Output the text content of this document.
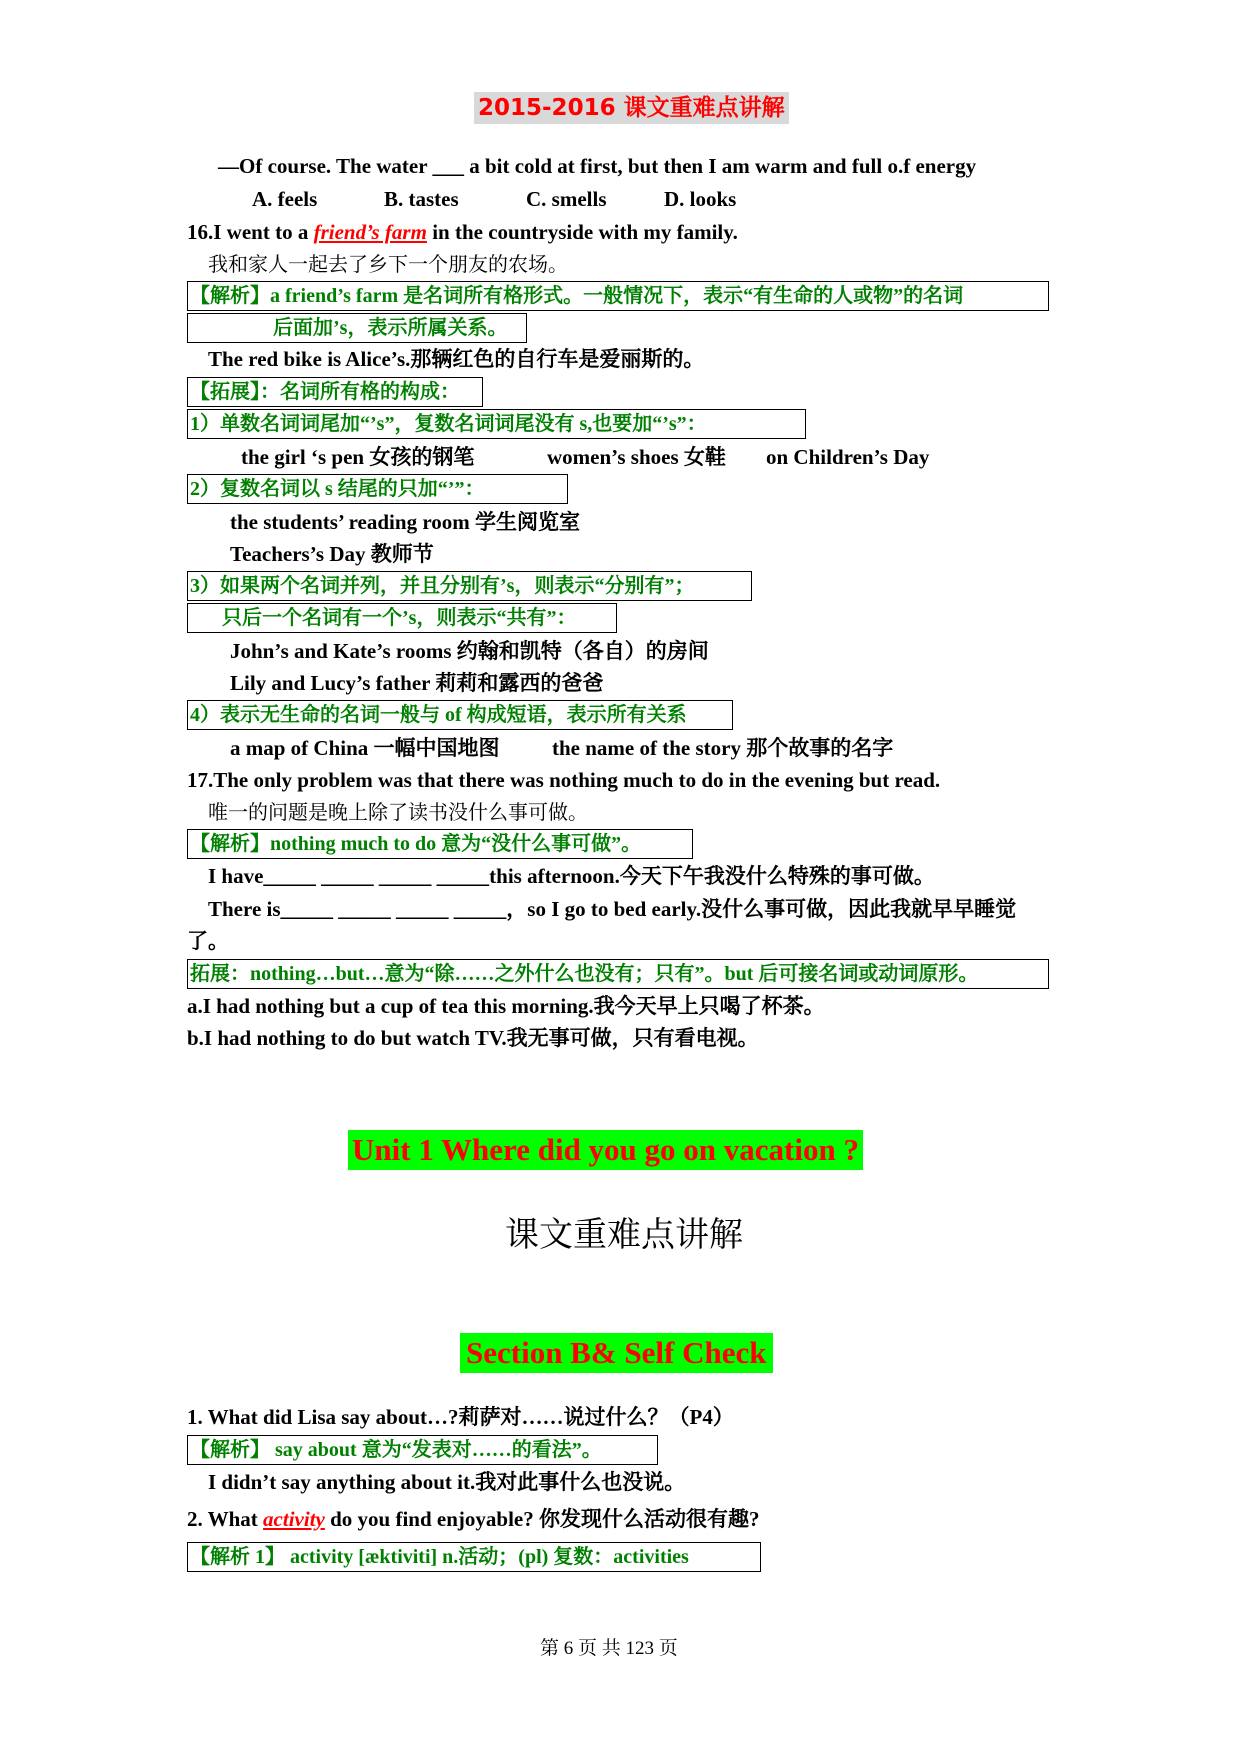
2015-2016 课文重难点讲解
—Of course. The water ___ a bit cold at first, but then I am warm and full o.f energy
A. feels	B. tastes	C. smells	D. looks
16.I went to a friend’s farm in the countryside with my family.
我和家人一起去了乡下一个朋友的农场。
【解析】a friend’s farm 是名词所有格形式。一般情况下，表示“有生命的人或物”的名词
后面加’s，表示所属关系。
The red bike is Alice’s.那辆红色的自行车是爱丽斯的。
【拓展】：名词所有格的构成：
1）单数名词词尾加“’s”，复数名词词尾没有 s,也要加“’s”：
the girl ‘s pen 女孩的钢笔	women’s shoes 女鞋 on Children’s Day
2）复数名词以 s 结尾的只加“’”：
the students’ reading room 学生阅览室
Teachers’s Day 教师节
3）如果两个名词并列，并且分别有’s，则表示“分别有”；
只后一个名词有一个’s，则表示“共有”：
John’s and Kate’s rooms 约翰和凯特（各自）的房间
Lily and Lucy’s father 莉莉和露西的爸爸
4）表示无生命的名词一般与 of 构成短语，表示所有关系
a map of China 一幅中国地图 the name of the story 那个故事的名字
17.The only problem was that there was nothing much to do in the evening but read.
唯一的问题是晚上除了读书没什么事可做。
【解析】nothing much to do 意为“没什么事可做”。
I have_____ _____ _____ _____this afternoon.今天下午我没什么特殊的事可做。
There is_____ _____ _____ _____，so I go to bed early.没什么事可做，因此我就早早睡觉
了。
拓展：nothing…but…意为“除……之外什么也没有；只有”。but 后可接名词或动词原形。
a.I had nothing but a cup of tea this morning.我今天早上只喝了杯茶。
b.I had nothing to do but watch TV.我无事可做，只有看电视。
Unit 1 Where did you go on vacation ?
课文重难点讲解
Section B& Self Check
1. What did Lisa say about…?莉萨对……说过什么？（P4）
【解析】 say about 意为“发表对……的看法”。
I didn’t say anything about it.我对此事什么也没说。
2. What activity do you find enjoyable? 你发现什么活动很有趣?
【解析 1】 activity [æktiviti] n.活动；(pl) 复数：activities
第 6 页 共 123 页
